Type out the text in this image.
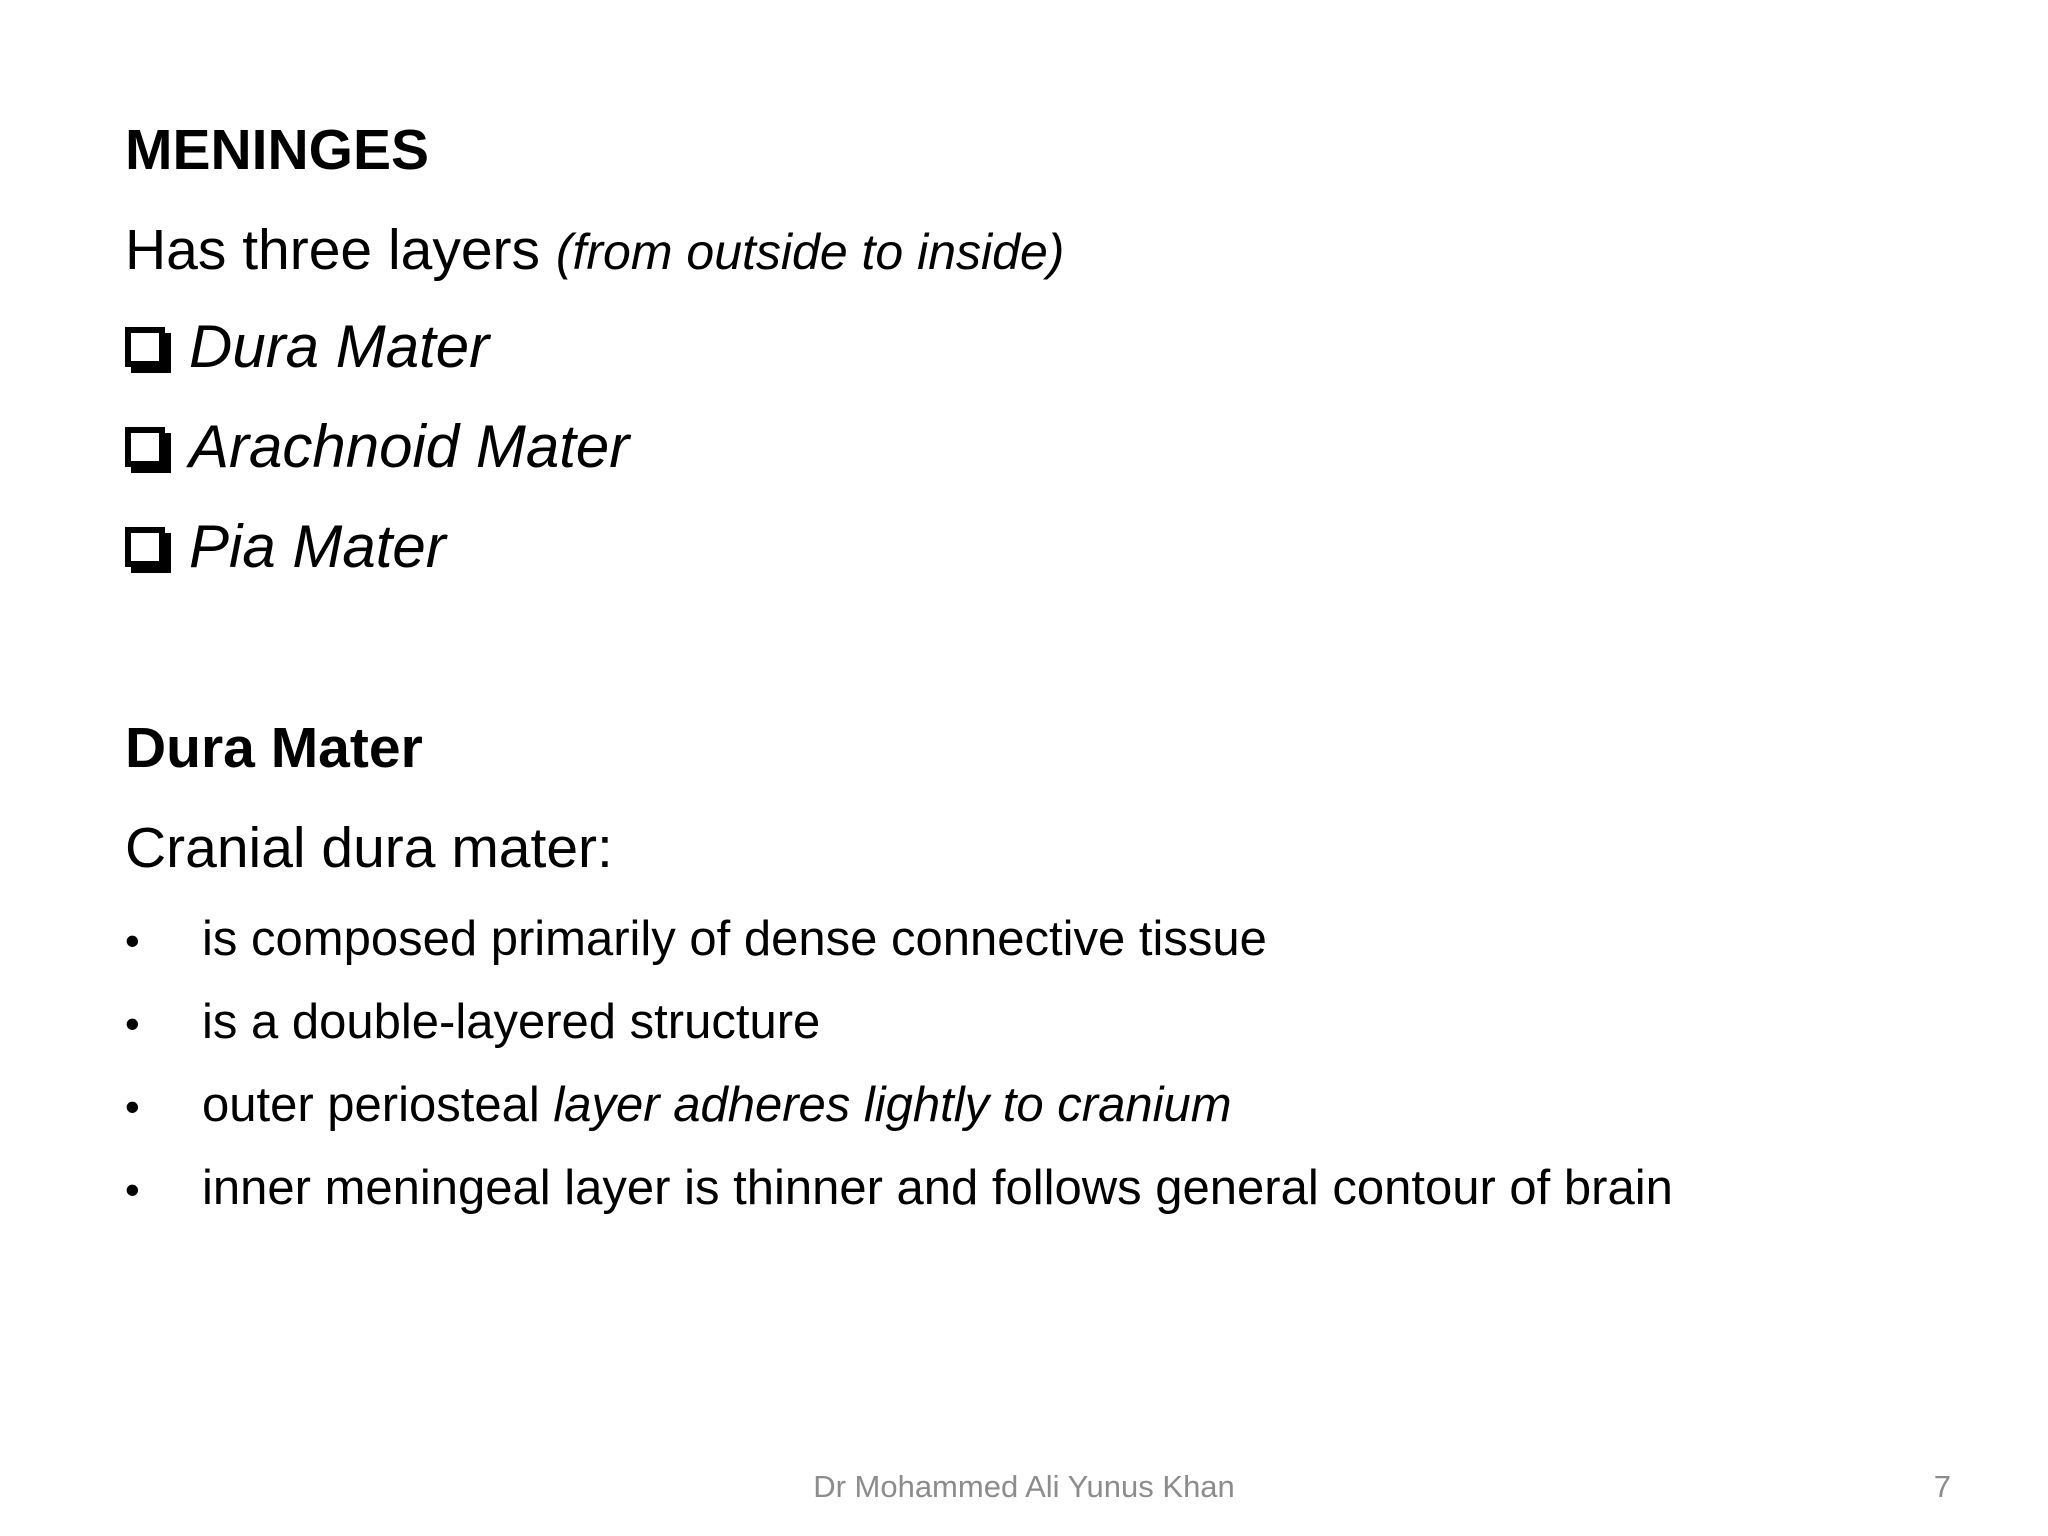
MENINGES
Has three layers (from outside to inside)
Dura Mater
Arachnoid Mater
Pia Mater
Dura Mater
Cranial dura mater:
•	is composed primarily of dense connective tissue
•	is a double-layered structure
•	outer periosteal layer adheres lightly to cranium
•	inner meningeal layer is thinner and follows general contour of brain
Dr Mohammed Ali Yunus Khan	7
